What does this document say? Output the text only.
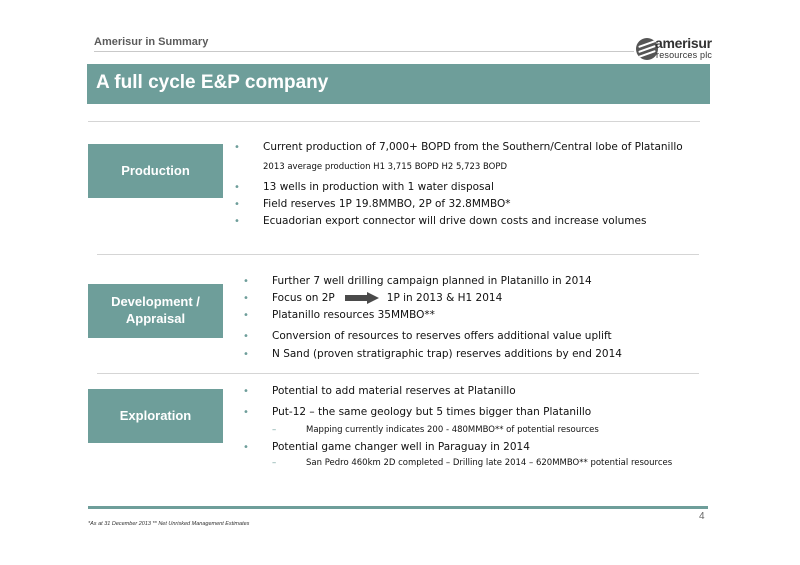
Amerisur in Summary	amerisur
resources plc
A full cycle E&P company
Production
• Current production of 7,000+ BOPD from the Southern/Central lobe of Platanillo
2013 average production H1 3,715 BOPD H2 5,723 BOPD
• 13 wells in production with 1 water disposal
• Field reserves 1P 19.8MMBO, 2P of 32.8MMBO*
• Ecuadorian export connector will drive down costs and increase volumes
Development /
Appraisal
• Further 7 well drilling campaign planned in Platanillo in 2014
• Focus on 2P	1P in 2013 & H1 2014
• Platanillo resources 35MMBO**
• Conversion of resources to reserves offers additional value uplift
• N Sand (proven stratigraphic trap) reserves additions by end 2014
Exploration
• Potential to add material reserves at Platanillo
• Put-12 – the same geology but 5 times bigger than Platanillo
– Mapping currently indicates 200 - 480MMBO** of potential resources
• Potential game changer well in Paraguay in 2014
– San Pedro 460km 2D completed – Drilling late 2014 – 620MMBO** potential resources
4
*As at 31 December 2013 ** Net Unrisked Management Estimates
